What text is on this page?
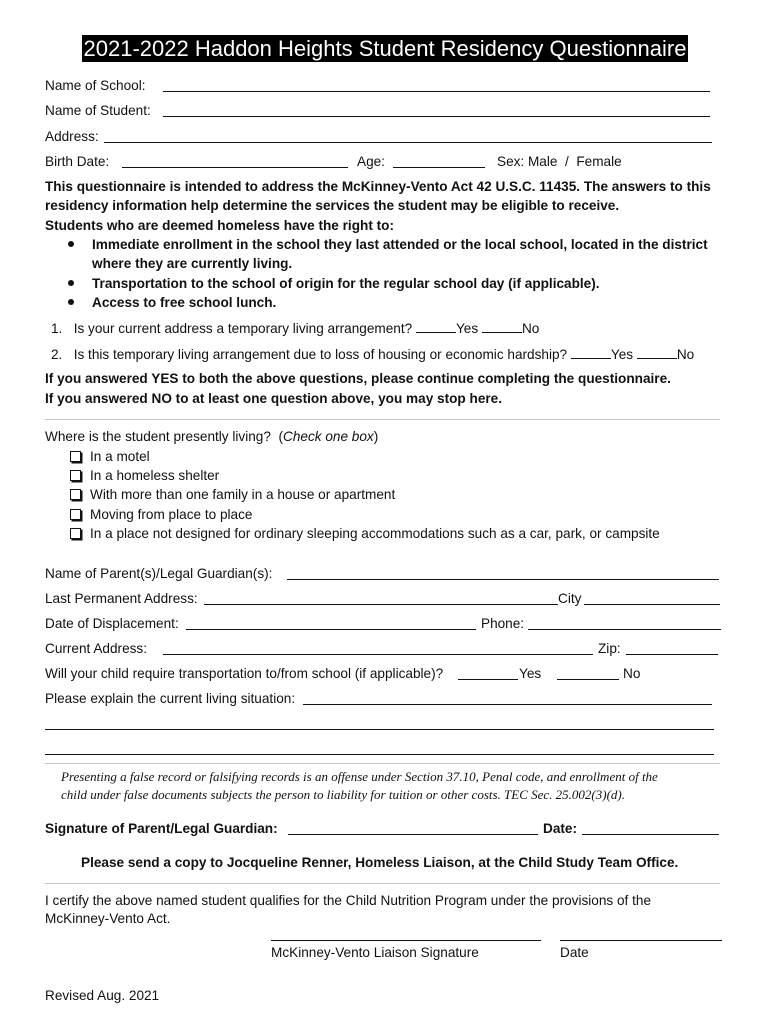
2021-2022 Haddon Heights Student Residency Questionnaire
Name of School:
Name of Student:
Address:
Birth Date:	Age:	Sex: Male / Female
This questionnaire is intended to address the McKinney-Vento Act 42 U.S.C. 11435. The answers to this
residency information help determine the services the student may be eligible to receive.
Students who are deemed homeless have the right to:
Immediate enrollment in the school they last attended or the local school, located in the district
where they are currently living.
Transportation to the school of origin for the regular school day (if applicable).
Access to free school lunch.
1. Is your current address a temporary living arrangement?	Yes	No
2. Is this temporary living arrangement due to loss of housing or economic hardship?	Yes	No
If you answered YES to both the above questions, please continue completing the questionnaire.
If you answered NO to at least one question above, you may stop here.
Where is the student presently living? (Check one box)
In a motel
In a homeless shelter
With more than one family in a house or apartment
Moving from place to place
In a place not designed for ordinary sleeping accommodations such as a car, park, or campsite
Name of Parent(s)/Legal Guardian(s):
Last Permanent Address:	City
Date of Displacement:	Phone:
Current Address:	Zip:
Will your child require transportation to/from school (if applicable)?	Yes	No
Please explain the current living situation:
Presenting a false record or falsifying records is an offense under Section 37.10, Penal code, and enrollment of the
child under false documents subjects the person to liability for tuition or other costs. TEC Sec. 25.002(3)(d).
Signature of Parent/Legal Guardian:	Date:
Please send a copy to Jocqueline Renner, Homeless Liaison, at the Child Study Team Office.
I certify the above named student qualifies for the Child Nutrition Program under the provisions of the
McKinney-Vento Act.
McKinney-Vento Liaison Signature	Date
Revised Aug. 2021
